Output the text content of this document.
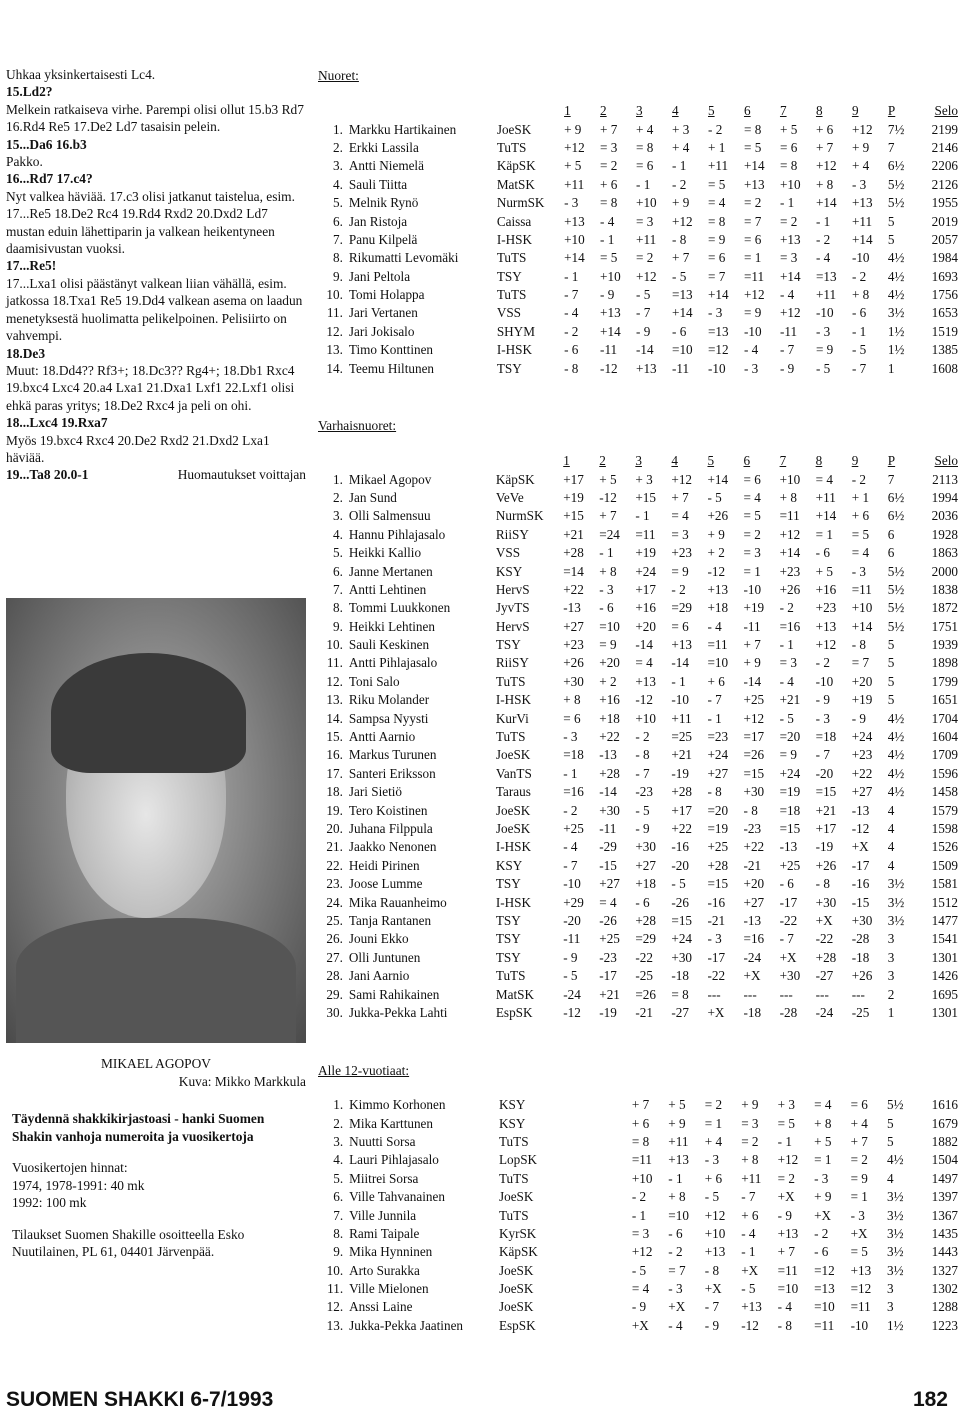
Uhkaa yksinkertaisesti Lc4.

15.Ld2?

Melkein ratkaiseva virhe. Parempi olisi ollut 15.b3 Rd7 16.Rd4 Re5 17.De2 Ld7 tasaisin pelein.

15...Da6 16.b3

Pakko.

16...Rd7 17.c4?

Nyt valkea häviää. 17.c3 olisi jatkanut taistelua, esim. 17...Re5 18.De2 Rc4 19.Rd4 Rxd2 20.Dxd2 Ld7 mustan eduin lähettiparin ja valkean heikentyneen daamisivustan vuoksi.

17...Re5!

17...Lxa1 olisi päästänyt valkean liian vähällä, esim. jatkossa 18.Txa1 Re5 19.Dd4 valkean asema on laadun menetyksestä huolimatta pelikelpoinen. Pelisiirto on vahvempi.

18.De3

Muut: 18.Dd4?? Rf3+; 18.Dc3?? Rg4+; 18.Db1 Rxc4 19.bxc4 Lxc4 20.a4 Lxa1 21.Dxa1 Lxf1 22.Lxf1 olisi ehkä paras yritys; 18.De2 Rxc4 ja peli on ohi.

18...Lxc4 19.Rxa7

Myös 19.bxc4 Rxc4 20.De2 Rxd2 21.Dxd2 Lxa1 häviää.

19...Ta8 20.0-1	Huomautukset voittajan

MIKAEL AGOPOV
Kuva: Mikko Markkula

Täydennä shakkikirjastoasi - hanki Suomen Shakin vanhoja numeroita ja vuosikertoja

Vuosikertojen hinnat:
1974, 1978-1991: 40 mk
1992: 100 mk

Tilaukset Suomen Shakille osoitteella Esko Nuutilainen, PL 61, 04401 Järvenpää.

Nuoret:
			1	2	3	4	5	6	7	8	9	P	Selo
1.	Markku Hartikainen	JoeSK	+ 9	+ 7	+ 4	+ 3	- 2	= 8	+ 5	+ 6	+12	7½	2199
2.	Erkki Lassila	TuTS	+12	= 3	= 8	+ 4	+ 1	= 5	= 6	+ 7	+ 9	7	2146
3.	Antti Niemelä	KäpSK	+ 5	= 2	= 6	- 1	+11	+14	= 8	+12	+ 4	6½	2206
4.	Sauli Tiitta	MatSK	+11	+ 6	- 1	- 2	= 5	+13	+10	+ 8	- 3	5½	2126
5.	Melnik Rynö	NurmSK	- 3	= 8	+10	+ 9	= 4	= 2	- 1	+14	+13	5½	1955
6.	Jan Ristoja	Caissa	+13	- 4	= 3	+12	= 8	= 7	= 2	- 1	+11	5	2019
7.	Panu Kilpelä	I-HSK	+10	- 1	+11	- 8	= 9	= 6	+13	- 2	+14	5	2057
8.	Rikumatti Levomäki	TuTS	+14	= 5	= 2	+ 7	= 6	= 1	= 3	- 4	-10	4½	1984
9.	Jani Peltola	TSY	- 1	+10	+12	- 5	= 7	=11	+14	=13	- 2	4½	1693
10.	Tomi Holappa	TuTS	- 7	- 9	- 5	=13	+14	+12	- 4	+11	+ 8	4½	1756
11.	Jari Vertanen	VSS	- 4	+13	- 7	+14	- 3	= 9	+12	-10	- 6	3½	1653
12.	Jari Jokisalo	SHYM	- 2	+14	- 9	- 6	=13	-10	-11	- 3	- 1	1½	1519
13.	Timo Konttinen	I-HSK	- 6	-11	-14	=10	=12	- 4	- 7	= 9	- 5	1½	1385
14.	Teemu Hiltunen	TSY	- 8	-12	+13	-11	-10	- 3	- 9	- 5	- 7	1	1608
Varhaisnuoret:
			1	2	3	4	5	6	7	8	9	P	Selo
1.	Mikael Agopov	KäpSK	+17	+ 5	+ 3	+12	+14	= 6	+10	= 4	- 2	7	2113
2.	Jan Sund	VeVe	+19	-12	+15	+ 7	- 5	= 4	+ 8	+11	+ 1	6½	1994
3.	Olli Salmensuu	NurmSK	+15	+ 7	- 1	= 4	+26	= 5	=11	+14	+ 6	6½	2036
4.	Hannu Pihlajasalo	RiiSY	+21	=24	=11	= 3	+ 9	= 2	+12	= 1	= 5	6	1928
5.	Heikki Kallio	VSS	+28	- 1	+19	+23	+ 2	= 3	+14	- 6	= 4	6	1863
6.	Janne Mertanen	KSY	=14	+ 8	+24	= 9	-12	= 1	+23	+ 5	- 3	5½	2000
7.	Antti Lehtinen	HervS	+22	- 3	+17	- 2	+13	-10	+26	+16	=11	5½	1838
8.	Tommi Luukkonen	JyvTS	-13	- 6	+16	=29	+18	+19	- 2	+23	+10	5½	1872
9.	Heikki Lehtinen	HervS	+27	=10	+20	= 6	- 4	-11	=16	+13	+14	5½	1751
10.	Sauli Keskinen	TSY	+23	= 9	-14	+13	=11	+ 7	- 1	+12	- 8	5	1939
11.	Antti Pihlajasalo	RiiSY	+26	+20	= 4	-14	=10	+ 9	= 3	- 2	= 7	5	1898
12.	Toni Salo	TuTS	+30	+ 2	+13	- 1	+ 6	-14	- 4	-10	+20	5	1799
13.	Riku Molander	I-HSK	+ 8	+16	-12	-10	- 7	+25	+21	- 9	+19	5	1651
14.	Sampsa Nyysti	KurVi	= 6	+18	+10	+11	- 1	+12	- 5	- 3	- 9	4½	1704
15.	Antti Aarnio	TuTS	- 3	+22	- 2	=25	=23	=17	=20	=18	+24	4½	1604
16.	Markus Turunen	JoeSK	=18	-13	- 8	+21	+24	=26	= 9	- 7	+23	4½	1709
17.	Santeri Eriksson	VanTS	- 1	+28	- 7	-19	+27	=15	+24	-20	+22	4½	1596
18.	Jari Sietiö	Taraus	=16	-14	-23	+28	- 8	+30	=19	=15	+27	4½	1458
19.	Tero Koistinen	JoeSK	- 2	+30	- 5	+17	=20	- 8	=18	+21	-13	4	1579
20.	Juhana Filppula	JoeSK	+25	-11	- 9	+22	=19	-23	=15	+17	-12	4	1598
21.	Jaakko Nenonen	I-HSK	- 4	-29	+30	-16	+25	+22	-13	-19	+X	4	1526
22.	Heidi Pirinen	KSY	- 7	-15	+27	-20	+28	-21	+25	+26	-17	4	1509
23.	Joose Lumme	TSY	-10	+27	+18	- 5	=15	+20	- 6	- 8	-16	3½	1581
24.	Mika Rauanheimo	I-HSK	+29	= 4	- 6	-26	-16	+27	-17	+30	-15	3½	1512
25.	Tanja Rantanen	TSY	-20	-26	+28	=15	-21	-13	-22	+X	+30	3½	1477
26.	Jouni Ekko	TSY	-11	+25	=29	+24	- 3	=16	- 7	-22	-28	3	1541
27.	Olli Juntunen	TSY	- 9	-23	-22	+30	-17	-24	+X	+28	-18	3	1301
28.	Jani Aarnio	TuTS	- 5	-17	-25	-18	-22	+X	+30	-27	+26	3	1426
29.	Sami Rahikainen	MatSK	-24	+21	=26	= 8	---	---	---	---	---	2	1695
30.	Jukka-Pekka Lahti	EspSK	-12	-19	-21	-27	+X	-18	-28	-24	-25	1	1301
Alle 12-vuotiaat:
1.	Kimmo Korhonen	KSY	+ 7	+ 5	= 2	+ 9	+ 3	= 4	= 6	5½	1616
2.	Mika Karttunen	KSY	+ 6	+ 9	= 1	= 3	= 5	+ 8	+ 4	5	1679
3.	Nuutti Sorsa	TuTS	= 8	+11	+ 4	= 2	- 1	+ 5	+ 7	5	1882
4.	Lauri Pihlajasalo	LopSK	=11	+13	- 3	+ 8	+12	= 1	= 2	4½	1504
5.	Miitrei Sorsa	TuTS	+10	- 1	+ 6	+11	= 2	- 3	= 9	4	1497
6.	Ville Tahvanainen	JoeSK	- 2	+ 8	- 5	- 7	+X	+ 9	= 1	3½	1397
7.	Ville Junnila	TuTS	- 1	=10	+12	+ 6	- 9	+X	- 3	3½	1367
8.	Rami Taipale	KyrSK	= 3	- 6	+10	- 4	+13	- 2	+X	3½	1435
9.	Mika Hynninen	KäpSK	+12	- 2	+13	- 1	+ 7	- 6	= 5	3½	1443
10.	Arto Surakka	JoeSK	- 5	= 7	- 8	+X	=11	=12	+13	3½	1327
11.	Ville Mielonen	JoeSK	= 4	- 3	+X	- 5	=10	=13	=12	3	1302
12.	Anssi Laine	JoeSK	- 9	+X	- 7	+13	- 4	=10	=11	3	1288
13.	Jukka-Pekka Jaatinen	EspSK	+X	- 4	- 9	-12	- 8	=11	-10	1½	1223
SUOMEN SHAKKI 6-7/1993	182
